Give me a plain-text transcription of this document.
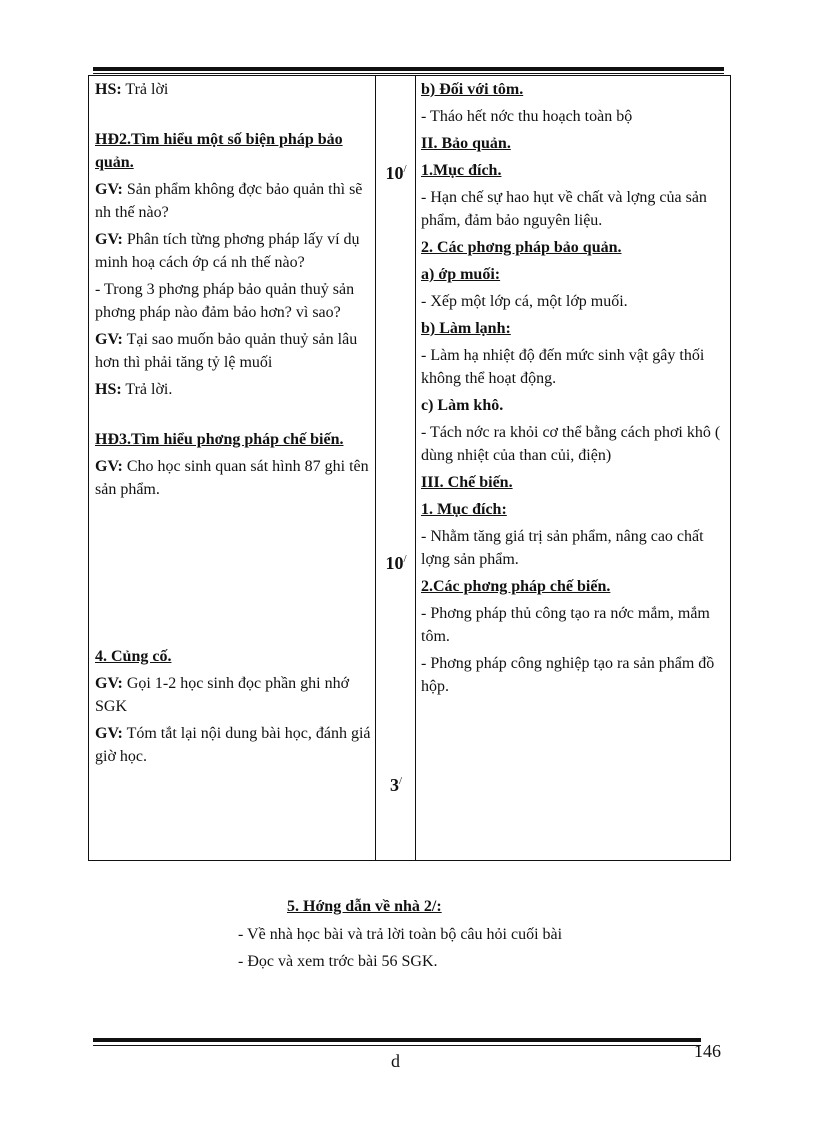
HS: Trả lời

HĐ2.Tìm hiểu một số biện pháp bảo quản.

GV: Sản phẩm không đợc bảo quản thì sẽ nh thế nào?

GV: Phân tích từng phơng pháp lấy ví dụ minh hoạ cách ớp cá nh thế nào?

- Trong 3 phơng pháp bảo quản thuỷ sản phơng pháp nào đảm bảo hơn? vì sao?

GV: Tại sao muốn bảo quản thuỷ sản lâu hơn thì phải tăng tỷ lệ muối

HS: Trả lời.

HĐ3.Tìm hiểu phơng pháp chế biến.

GV: Cho học sinh quan sát hình 87 ghi tên sản phẩm.

4. Củng cố.

GV: Gọi 1-2 học sinh đọc phần ghi nhớ SGK

GV: Tóm tắt lại nội dung bài học, đánh giá giờ học.

10/
10/
3/

b) Đối với tôm.

- Tháo hết nớc thu hoạch toàn bộ

II. Bảo quản.

1.Mục đích.

- Hạn chế sự hao hụt về chất và lợng của sản phẩm, đảm bảo nguyên liệu.

2. Các phơng pháp bảo quản.

a) ớp muối:

- Xếp một lớp cá, một lớp muối.

b) Làm lạnh:

- Làm hạ nhiệt độ đến mức sinh vật gây thối không thể hoạt động.

c) Làm khô.

- Tách nớc ra khỏi cơ thể bằng cách phơi khô ( dùng nhiệt của than củi, điện)

III. Chế biến.

1. Mục đích:

- Nhằm tăng giá trị sản phẩm, nâng cao chất lợng sản phẩm.

2.Các phơng pháp chế biến.

- Phơng pháp thủ công tạo ra nớc mắm, mắm tôm.

- Phơng pháp công nghiệp tạo ra sản phẩm đồ hộp.

5. Hớng dẫn về nhà 2/:
- Về nhà học bài và trả lời toàn bộ câu hỏi cuối bài
- Đọc và xem trớc bài 56 SGK.
d	146
